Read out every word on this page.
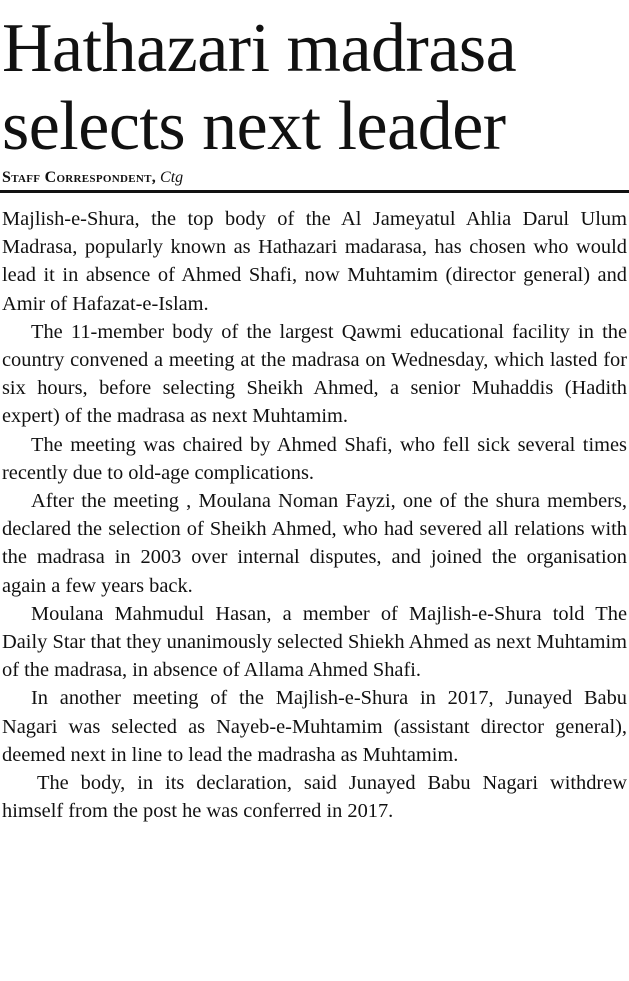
Hathazari madrasa
selects next leader
Staff Correspondent, Ctg

Majlish-e-Shura, the top body of the Al Jameyatul Ahlia Darul Ulum Madrasa, popularly known as Hathazari madarasa, has chosen who would lead it in absence of Ahmed Shafi, now Muhtamim (director general) and Amir of Hafazat-e-Islam.

The 11-member body of the largest Qawmi educational facility in the country convened a meeting at the madrasa on Wednesday, which lasted for six hours, before selecting Sheikh Ahmed, a senior Muhaddis (Hadith expert) of the madrasa as next Muhtamim.

The meeting was chaired by Ahmed Shafi, who fell sick several times recently due to old-age complications.

After the meeting , Moulana Noman Fayzi, one of the shura members, declared the selection of Sheikh Ahmed, who had severed all relations with the madrasa in 2003 over internal disputes, and joined the organisation again a few years back.

Moulana Mahmudul Hasan, a member of Majlish-e-Shura told The Daily Star that they unanimously selected Shiekh Ahmed as next Muhtamim of the madrasa, in absence of Allama Ahmed Shafi.

In another meeting of the Majlish-e-Shura in 2017, Junayed Babu Nagari was selected as Nayeb-e-Muhtamim (assistant director general), deemed next in line to lead the madrasha as Muhtamim.

The body, in its declaration, said Junayed Babu Nagari withdrew himself from the post he was conferred in 2017.
